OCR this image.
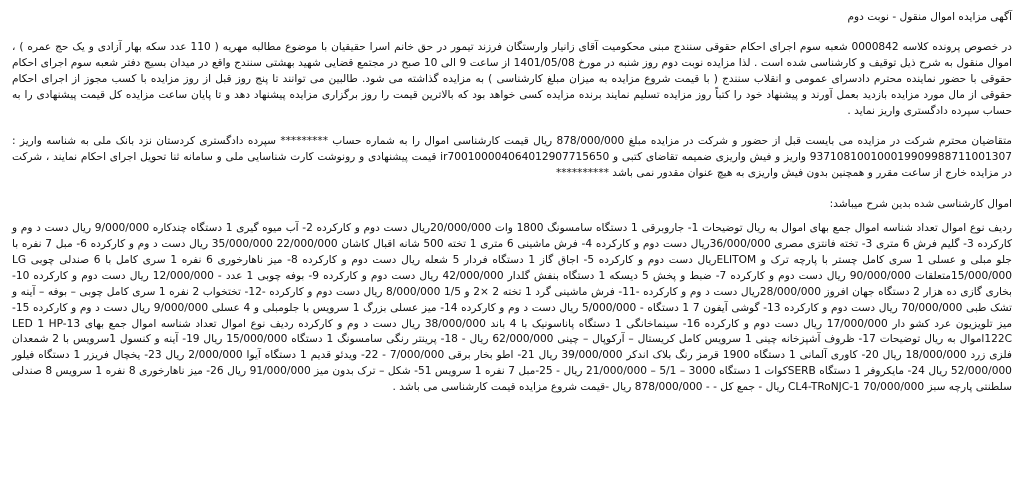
آگهی مزایده اموال منقول - نوبت دوم

در خصوص پرونده کلاسه 0000842 شعبه سوم اجرای احکام حقوقی سنندج مبنی محکومیت آقای زانیار وارستگان فرزند تیمور در حق خانم اسرا حقیقیان با موضوع مطالبه مهریه ( 110 عدد سکه بهار آزادی و یک حج عمره ) ، اموال منقول به شرح ذیل توقیف و کارشناسی شده است . لذا مزایده نوبت دوم روز شنبه در مورخ 1401/05/08 از ساعت 9 الی 10 صبح در مجتمع قضایی شهید بهشتی سنندج واقع در میدان بسیج دفتر شعبه سوم اجرای احکام حقوقی با حضور نماینده محترم دادسرای عمومی و انقلاب سنندج ( با قیمت شروع مزایده به میزان مبلغ کارشناسی ) به مزایده گذاشته می شود. طالبین می توانند تا پنج روز قبل از روز مزایده با کسب مجوز از اجرای احکام حقوقی از مال مورد مزایده بازدید بعمل آورند و پیشنهاد خود را کتباً روز مزایده تسلیم نمایند برنده مزایده کسی خواهد بود که بالاترین قیمت را روز برگزاری مزایده پیشنهاد دهد و تا پایان ساعت مزایده کل قیمت پیشنهادی را به حساب سپرده دادگستری واریز نماید .

متقاضیان محترم شرکت در مزایده می بایست قبل از حضور و شرکت در مزایده مبلغ 878/000/000 ریال قیمت کارشناسی اموال را به شماره حساب ********* سپرده دادگستری کردستان نزد بانک ملی به شناسه واریز : 937108100100019909988711001307 واریز و فیش واریزی ضمیمه تقاضای کتبی و ir700100004064012907715650 قیمت پیشنهادی و رونوشت کارت شناسایی ملی و سامانه ثنا تحویل اجرای احکام نمایند ، شرکت در مزایده خارج از ساعت مقرر و همچنین بدون فیش واریزی به هیچ عنوان مقدور نمی باشد **********

اموال کارشناسی شده بدین شرح میباشد:

ردیف نوع اموال تعداد شناسه اموال جمع بهای اموال به ریال توضیحات 1- جاروبرقی 1 دستگاه سامسونگ 1800 وات 20/000/000ریال دست دوم و کارکرده 2- آب میوه گیری 1 دستگاه چندکاره 9/000/000 ریال دست د وم و کارکرده 3- گلیم فرش 6 متری 3- تخته فانتزی مصری 36/000/000ریال دست دوم و کارکرده 4- فرش ماشینی 6 متری 1 تخته 500 شانه اقبال کاشان 22/000/000 35/000/000 ریال دست د وم و کارکرده 6- مبل 7 نفره با جلو مبلی و عسلی 1 سری کامل چستر با پارچه ترک و ELITOMریال دست دوم و کارکرده 5- اجاق گاز 1 دستگاه فردار 5 شعله ریال دست دوم و کارکرده 8- میز ناهارخوری 6 نفره 1 سری کامل با 6 صندلی چوبی LG 15/000/000متعلقات 90/000/000 ریال دست دوم و کارکرده 7- ضبط و پخش 5 دیسکه 1 دستگاه بنفش گلدار 42/000/000 ریال دست دوم و کارکرده 9- بوفه چوبی 1 عدد - 12/000/000 ریال دست دوم و کارکرده 10- بخاری گازی ده هزار 2 دستگاه جهان افروز 28/000/000ریال دست د وم و کارکرده -11- فرش ماشینی گرد 1 تخته 2 ×2 و 1/5 8/000/000 ریال دست دوم و کارکرده -12- تختخواب 2 نفره 1 سری کامل چوبی – بوفه – آینه و تشک طبی 70/000/000 ریال دست دوم و کارکرده 13- گوشی آیفون 7 1 دستگاه - 5/000/000 ریال دست د وم و کارکرده 14- میز عسلی بزرگ 1 سرویس با جلومبلی و 4 عسلی 9/000/000 ریال دست د وم و کارکرده 15- میز تلویزیون عرد کشو دار 17/000/000 ریال دست دوم و کارکرده 16- سینماخانگی 1 دستگاه پاناسونیک با 4 باند 38/000/000 ریال دست د وم و کارکرده ردیف نوع اموال تعداد شناسه اموال جمع بهای LED 1 HP-13 122Cاموال به ریال توضیحات 17- ظروف آشپزخانه چینی 1 سرویس کامل کریستال – آرکوپال – چینی 62/000/000 ریال - 18- پرینتر رنگی سامسونگ 1 دستگاه 15/000/000 ریال 19- آینه و کنسول 1سرویس با 2 شمعدان فلزی زرد 18/000/000 ریال 20- کاوری آلمانی 1 دستگاه 1900 قرمز رنگ بلاک اندکر 39/000/000 ریال 21- اطو بخار برقی 7/000/000 - 22- ویدئو قدیم 1 دستگاه آیوا 2/000/000 ریال 23- یخچال فریزر 1 دستگاه فیلور 52/000/000 ریال 24- مایکروفر 1 دستگاه SERBکوات 1 دستگاه 3000 – 5/1 – 21/000/000 ریال - 25-مبل 7 نفره 1 سرویس 51- شکل – ترک بدون میز 91/000/000 ریال 26- میز ناهارخوری 8 نفره 1 سرویس 8 صندلی سلطنتی پارچه سبز CL4-TRoNJC-1 70/000/000 ریال - جمع کل - - 878/000/000 ریال -قیمت شروع مزایده قیمت کارشناسی می باشد .
